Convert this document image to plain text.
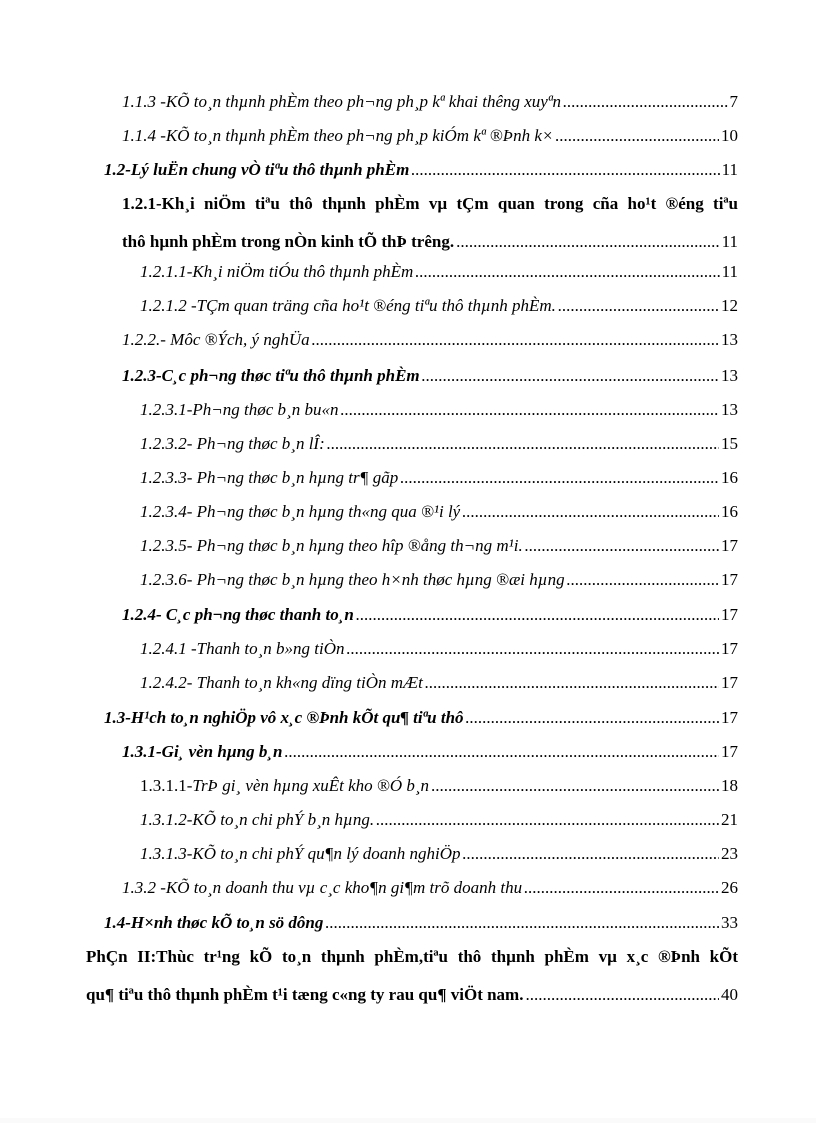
1.1.3 -KÕ to¸n thµnh phÈm theo ph¬ng ph¸p kª khai thêng xuyªn .....	7
1.1.4 -KÕ to¸n thµnh phÈm theo ph¬ng ph¸p kiÓm kª ®Þnh k× .....	10
1.2-Lý luËn chung vÒ tiªu thô thµnh phÈm .....	11
1.2.1-Kh¸i niÖm tiªu thô thµnh phÈm vµ tÇm quan trong cña ho¹t ®éng tiªu
thô hµnh phÈm trong nÒn kinh tÕ thÞ trêng. .....	11
1.2.1.1-Kh¸i niÖm tiÓu thô thµnh phÈm .....	11
1.2.1.2 -TÇm quan träng cña ho¹t ®éng tiªu thô thµnh phÈm. .....	12
1.2.2.- Môc ®Ých, ý nghÜa .....	13
1.2.3-C¸c ph¬ng thøc tiªu thô thµnh phÈm .....	13
1.2.3.1-Ph¬ng thøc b¸n bu«n .....	13
1.2.3.2- Ph¬ng thøc b¸n lÎ: .....	15
1.2.3.3- Ph¬ng thøc b¸n hµng tr¶ gãp .....	16
1.2.3.4- Ph¬ng thøc b¸n hµng th«ng qua ®¹i lý .....	16
1.2.3.5- Ph¬ng thøc b¸n hµng theo hîp ®ång th¬ng m¹i. .....	17
1.2.3.6- Ph¬ng thøc b¸n hµng theo h×nh thøc hµng ®æi hµng .....	17
1.2.4- C¸c ph¬ng thøc thanh to¸n .....	17
1.2.4.1 -Thanh to¸n b»ng tiÒn .....	17
1.2.4.2- Thanh to¸n kh«ng dïng tiÒn mÆt .....	17
1.3-H¹ch to¸n nghiÖp vô x¸c ®Þnh kÕt qu¶ tiªu thô .....	17
1.3.1-Gi¸ vèn hµng b¸n .....	17
1.3.1.1- TrÞ gi¸ vèn hµng xuÊt kho ®Ó b¸n .....	18
1.3.1.2-KÕ to¸n chi phÝ b¸n hµng. .....	21
1.3.1.3-KÕ to¸n chi phÝ qu¶n lý doanh nghiÖp .....	23
1.3.2 -KÕ to¸n doanh thu vµ c¸c kho¶n gi¶m trõ doanh thu .....	26
1.4-H×nh thøc kÕ to¸n sö dông .....	33
PhÇn II:Thùc tr¹ng kÕ to¸n thµnh phÈm,tiªu thô thµnh phÈm vµ x¸c ®Þnh kÕt
qu¶ tiªu thô thµnh phÈm t¹i tæng c«ng ty rau qu¶ viÖt nam. .....	40
